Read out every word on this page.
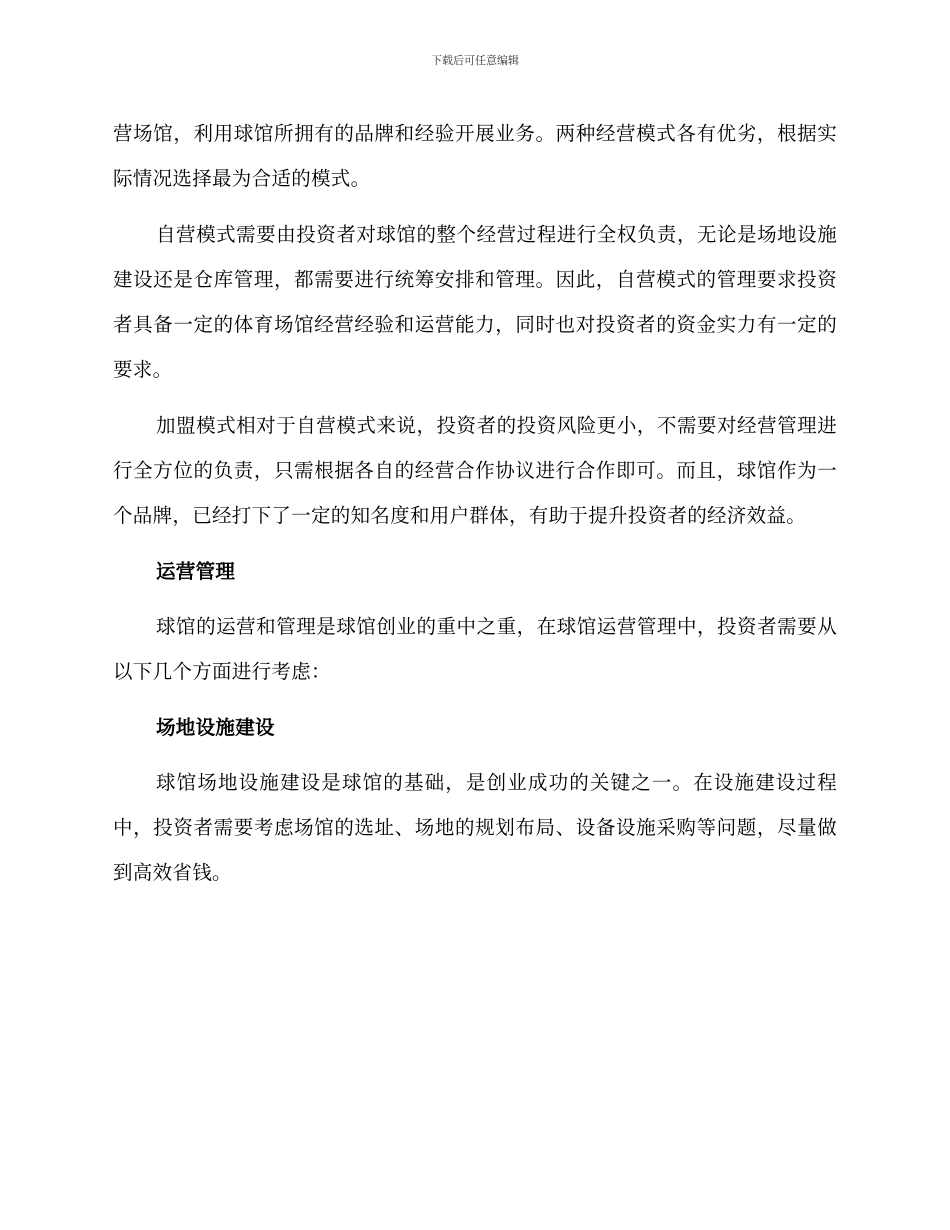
下载后可任意编辑

营场馆，利用球馆所拥有的品牌和经验开展业务。两种经营模式各有优劣，根据实际情况选择最为合适的模式。

自营模式需要由投资者对球馆的整个经营过程进行全权负责，无论是场地设施建设还是仓库管理，都需要进行统筹安排和管理。因此，自营模式的管理要求投资者具备一定的体育场馆经营经验和运营能力，同时也对投资者的资金实力有一定的要求。

加盟模式相对于自营模式来说，投资者的投资风险更小，不需要对经营管理进行全方位的负责，只需根据各自的经营合作协议进行合作即可。而且，球馆作为一个品牌，已经打下了一定的知名度和用户群体，有助于提升投资者的经济效益。

运营管理

球馆的运营和管理是球馆创业的重中之重，在球馆运营管理中，投资者需要从以下几个方面进行考虑：

场地设施建设

球馆场地设施建设是球馆的基础，是创业成功的关键之一。在设施建设过程中，投资者需要考虑场馆的选址、场地的规划布局、设备设施采购等问题，尽量做到高效省钱。
